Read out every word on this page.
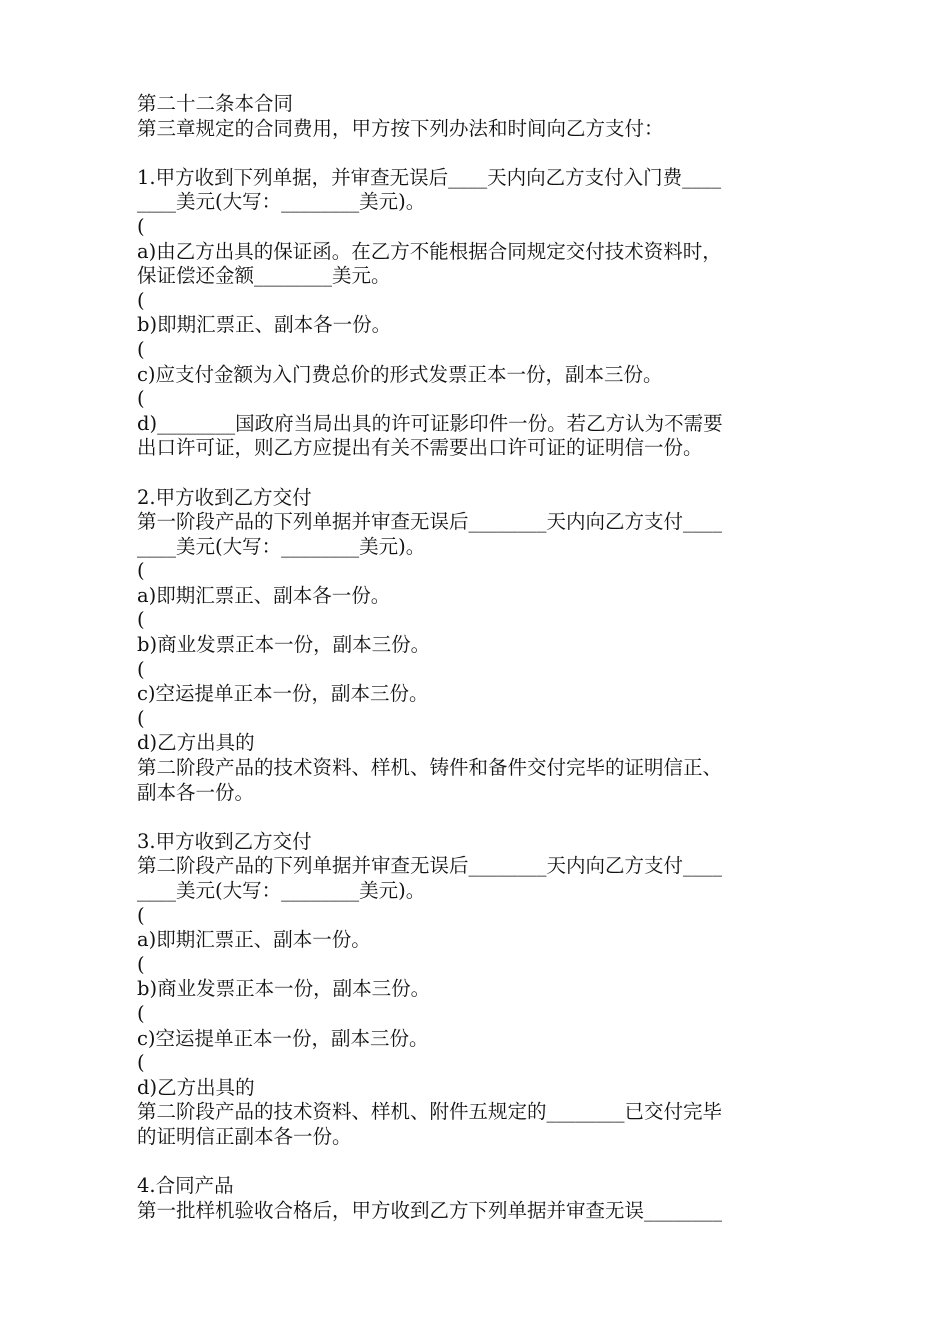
第二十二条本合同
第三章规定的合同费用，甲方按下列办法和时间向乙方支付：
1.甲方收到下列单据，并审查无误后____天内向乙方支付入门费____
____美元(大写：________美元)。
(
a)由乙方出具的保证函。在乙方不能根据合同规定交付技术资料时，
保证偿还金额________美元。
(
b)即期汇票正、副本各一份。
(
c)应支付金额为入门费总价的形式发票正本一份，副本三份。
(
d)________国政府当局出具的许可证影印件一份。若乙方认为不需要
出口许可证，则乙方应提出有关不需要出口许可证的证明信一份。
2.甲方收到乙方交付
第一阶段产品的下列单据并审查无误后________天内向乙方支付____
____美元(大写：________美元)。
(
a)即期汇票正、副本各一份。
(
b)商业发票正本一份，副本三份。
(
c)空运提单正本一份，副本三份。
(
d)乙方出具的
第二阶段产品的技术资料、样机、铸件和备件交付完毕的证明信正、
副本各一份。
3.甲方收到乙方交付
第二阶段产品的下列单据并审查无误后________天内向乙方支付____
____美元(大写：________美元)。
(
a)即期汇票正、副本一份。
(
b)商业发票正本一份，副本三份。
(
c)空运提单正本一份，副本三份。
(
d)乙方出具的
第二阶段产品的技术资料、样机、附件五规定的________已交付完毕
的证明信正副本各一份。
4.合同产品
第一批样机验收合格后，甲方收到乙方下列单据并审查无误________
